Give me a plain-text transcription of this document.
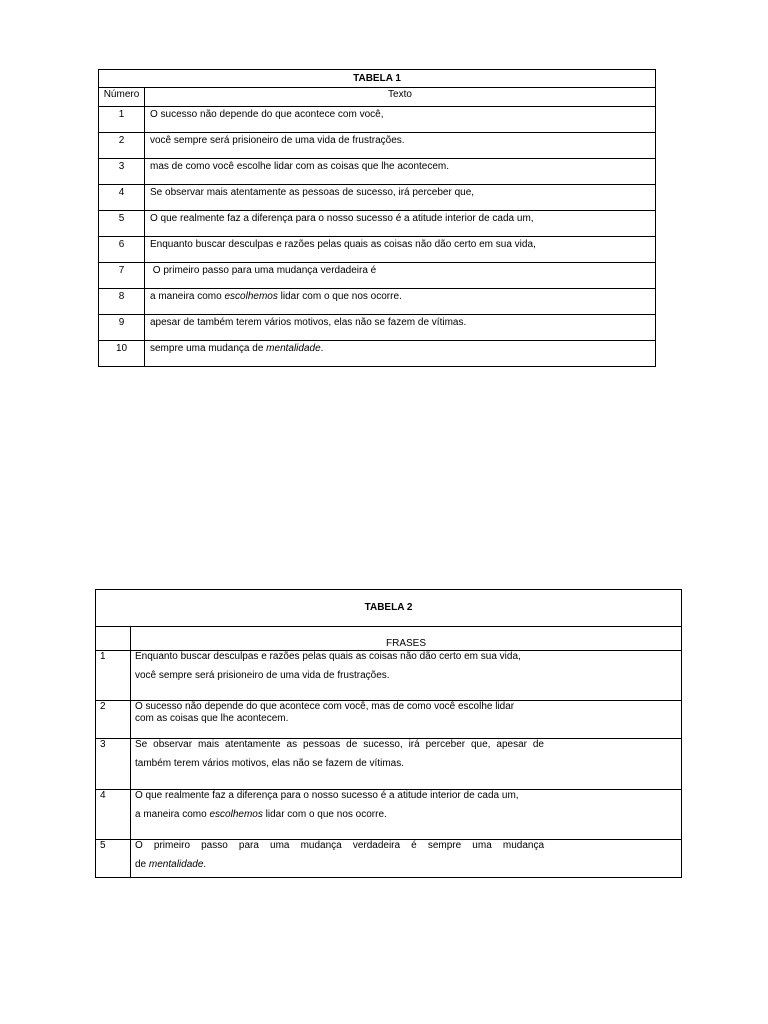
TABELA 1	
Número	Texto
1	O sucesso não depende do que acontece com você,
2	você sempre será prisioneiro de uma vida de frustrações.
3	mas de como você escolhe lidar com as coisas que lhe acontecem.
4	Se observar mais atentamente as pessoas de sucesso, irá perceber que,
5	O que realmente faz a diferença para o nosso sucesso é a atitude interior de cada um,
6	Enquanto buscar desculpas e razões pelas quais as coisas não dão certo em sua vida,
7	O primeiro passo para uma mudança verdadeira é
8	a maneira como escolhemos lidar com o que nos ocorre.
9	apesar de também terem vários motivos, elas não se fazem de vítimas.
10	sempre uma mudança de mentalidade.
TABELA 2	
	FRASES
1	Enquanto buscar desculpas e razões pelas quais as coisas não dão certo em sua vida,
você sempre será prisioneiro de uma vida de frustrações.

2	O sucesso não depende do que acontece com você, mas de como você escolhe lidar
com as coisas que lhe acontecem.

3	Se observar mais atentamente as pessoas de sucesso, irá perceber que, apesar de
também terem vários motivos, elas não se fazem de vítimas.

4	O que realmente faz a diferença para o nosso sucesso é a atitude interior de cada um,
a maneira como escolhemos lidar com o que nos ocorre.

5	O primeiro passo para uma mudança verdadeira é sempre uma mudança
de mentalidade.
